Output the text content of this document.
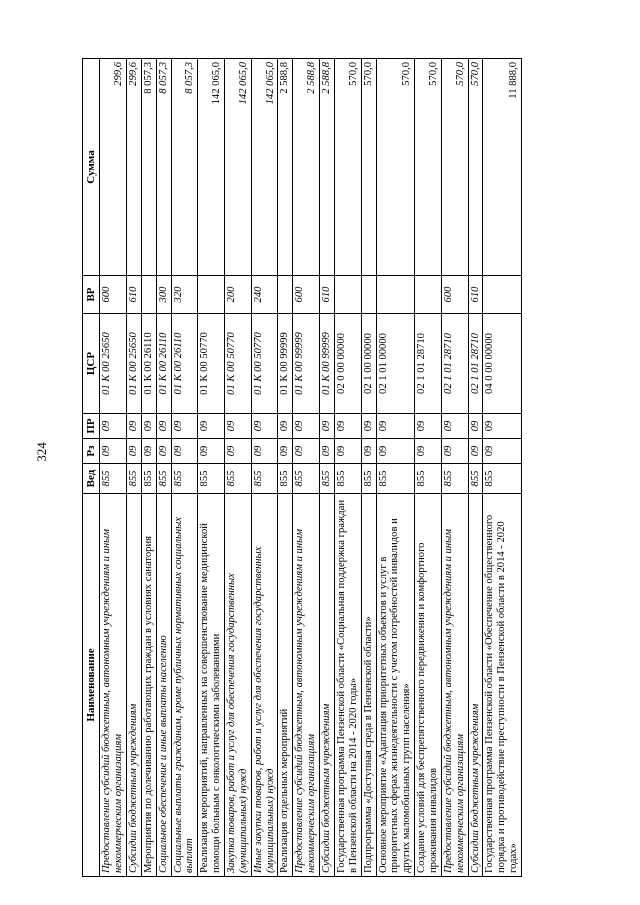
324
Наименование	Вед	Рз	ПР	ЦСР	ВР	Сумма
Предоставление субсидий бюджетным, автономным учреждениям и иным некоммерческим организациям	855	09	09	01 К 00 25650	600	299,6
Субсидии бюджетным учреждениям	855	09	09	01 К 00 25650	610	299,6
Мероприятия по долечиванию работающих граждан в условиях санатория	855	09	09	01 К 00 26110		8 057,3
Социальное обеспечение и иные выплаты населению	855	09	09	01 К 00 26110	300	8 057,3
Социальные выплаты гражданам, кроме публичных нормативных социальных выплат	855	09	09	01 К 00 26110	320	8 057,3
Реализация мероприятий, направленных на совершенствование медицинской помощи больным с онкологическими заболеваниями	855	09	09	01 К 00 50770		142 065,0
Закупка товаров, работ и услуг для обеспечения государственных (муниципальных) нужд	855	09	09	01 К 00 50770	200	142 065,0
Иные закупки товаров, работ и услуг для обеспечения государственных (муниципальных) нужд	855	09	09	01 К 00 50770	240	142 065,0
Реализация отдельных мероприятий	855	09	09	01 К 00 99999		2 588,8
Предоставление субсидий бюджетным, автономным учреждениям и иным некоммерческим организациям	855	09	09	01 К 00 99999	600	2 588,8
Субсидии бюджетным учреждениям	855	09	09	01 К 00 99999	610	2 588,8
Государственная программа Пензенской области «Социальная поддержка граждан в Пензенской области на 2014 - 2020 годы»	855	09	09	02 0 00 00000		570,0
Подпрограмма «Доступная среда в Пензенской области»	855	09	09	02 1 00 00000		570,0
Основное мероприятие «Адаптация приоритетных объектов и услуг в приоритетных сферах жизнедеятельности с учетом потребностей инвалидов и других маломобильных групп населения»	855	09	09	02 1 01 00000		570,0
Создание условий для беспрепятственного передвижения и комфортного проживания инвалидов	855	09	09	02 1 01 28710		570,0
Предоставление субсидий бюджетным, автономным учреждениям и иным некоммерческим организациям	855	09	09	02 1 01 28710	600	570,0
Субсидии бюджетным учреждениям	855	09	09	02 1 01 28710	610	570,0
Государственная программа Пензенской области «Обеспечение общественного порядка и противодействие преступности в Пензенской области в 2014 - 2020 годах»	855	09	09	04 0 00 00000		11 888,0
